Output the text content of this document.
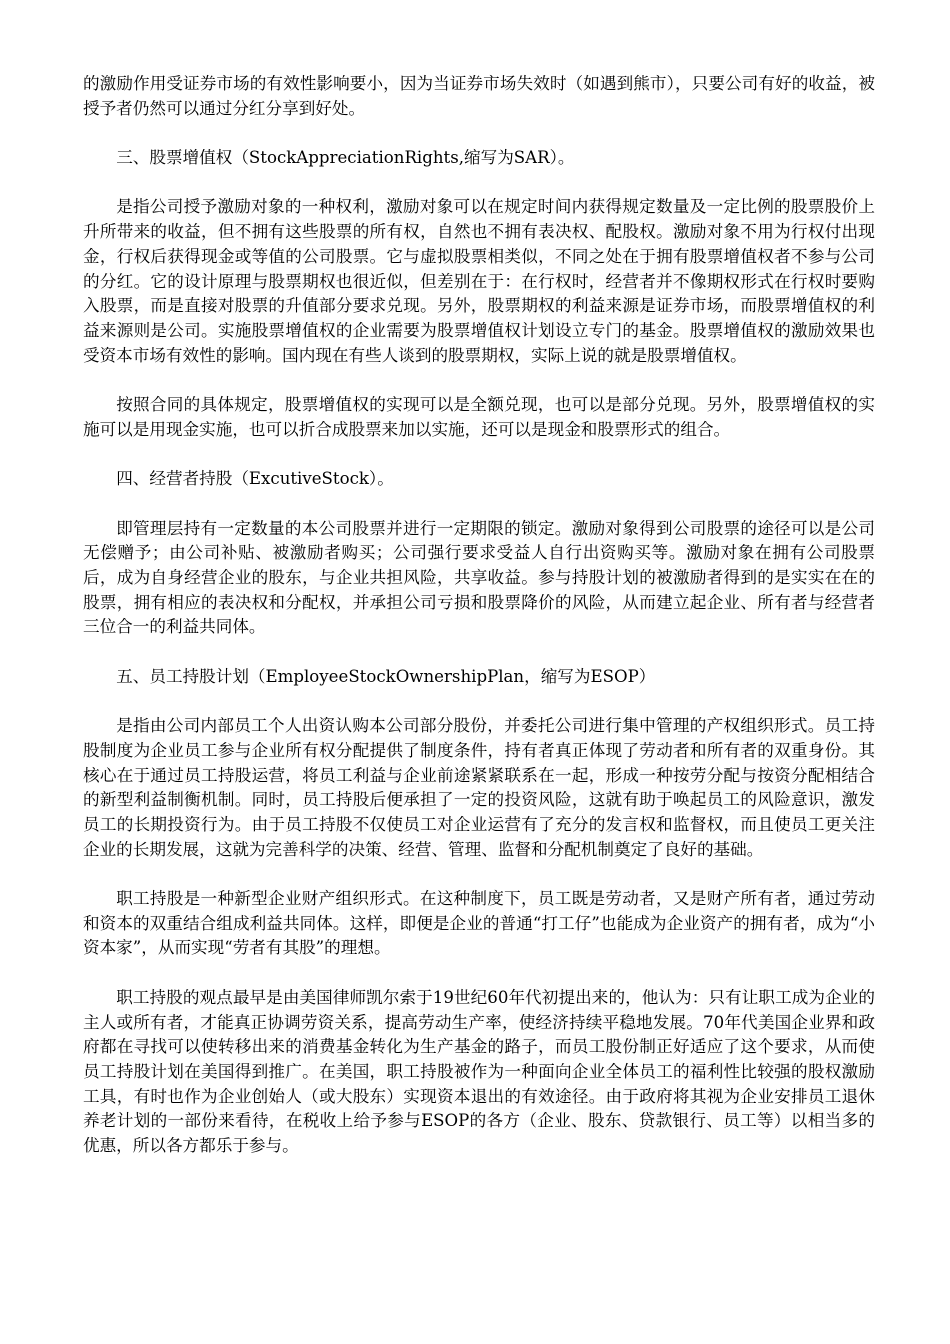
的激励作用受证券市场的有效性影响要小，因为当证券市场失效时（如遇到熊市），只要公司有好的收益，被授予者仍然可以通过分红分享到好处。

三、股票增值权（StockAppreciationRights,缩写为SAR）。

是指公司授予激励对象的一种权利，激励对象可以在规定时间内获得规定数量及一定比例的股票股价上升所带来的收益，但不拥有这些股票的所有权，自然也不拥有表决权、配股权。激励对象不用为行权付出现金，行权后获得现金或等值的公司股票。它与虚拟股票相类似，不同之处在于拥有股票增值权者不参与公司的分红。它的设计原理与股票期权也很近似，但差别在于：在行权时，经营者并不像期权形式在行权时要购入股票，而是直接对股票的升值部分要求兑现。另外，股票期权的利益来源是证券市场，而股票增值权的利益来源则是公司。实施股票增值权的企业需要为股票增值权计划设立专门的基金。股票增值权的激励效果也受资本市场有效性的影响。国内现在有些人谈到的股票期权，实际上说的就是股票增值权。

按照合同的具体规定，股票增值权的实现可以是全额兑现，也可以是部分兑现。另外，股票增值权的实施可以是用现金实施，也可以折合成股票来加以实施，还可以是现金和股票形式的组合。

四、经营者持股（ExcutiveStock）。

即管理层持有一定数量的本公司股票并进行一定期限的锁定。激励对象得到公司股票的途径可以是公司无偿赠予；由公司补贴、被激励者购买；公司强行要求受益人自行出资购买等。激励对象在拥有公司股票后，成为自身经营企业的股东，与企业共担风险，共享收益。参与持股计划的被激励者得到的是实实在在的股票，拥有相应的表决权和分配权，并承担公司亏损和股票降价的风险，从而建立起企业、所有者与经营者三位合一的利益共同体。

五、员工持股计划（EmployeeStockOwnershipPlan，缩写为ESOP）

是指由公司内部员工个人出资认购本公司部分股份，并委托公司进行集中管理的产权组织形式。员工持股制度为企业员工参与企业所有权分配提供了制度条件，持有者真正体现了劳动者和所有者的双重身份。其核心在于通过员工持股运营，将员工利益与企业前途紧紧联系在一起，形成一种按劳分配与按资分配相结合的新型利益制衡机制。同时，员工持股后便承担了一定的投资风险，这就有助于唤起员工的风险意识，激发员工的长期投资行为。由于员工持股不仅使员工对企业运营有了充分的发言权和监督权，而且使员工更关注企业的长期发展，这就为完善科学的决策、经营、管理、监督和分配机制奠定了良好的基础。

职工持股是一种新型企业财产组织形式。在这种制度下，员工既是劳动者，又是财产所有者，通过劳动和资本的双重结合组成利益共同体。这样，即便是企业的普通“打工仔”也能成为企业资产的拥有者，成为“小资本家”，从而实现“劳者有其股”的理想。

职工持股的观点最早是由美国律师凯尔索于19世纪60年代初提出来的，他认为：只有让职工成为企业的主人或所有者，才能真正协调劳资关系，提高劳动生产率，使经济持续平稳地发展。70年代美国企业界和政府都在寻找可以使转移出来的消费基金转化为生产基金的路子，而员工股份制正好适应了这个要求，从而使员工持股计划在美国得到推广。在美国，职工持股被作为一种面向企业全体员工的福利性比较强的股权激励工具，有时也作为企业创始人（或大股东）实现资本退出的有效途径。由于政府将其视为企业安排员工退休养老计划的一部份来看待，在税收上给予参与ESOP的各方（企业、股东、贷款银行、员工等）以相当多的优惠，所以各方都乐于参与。
